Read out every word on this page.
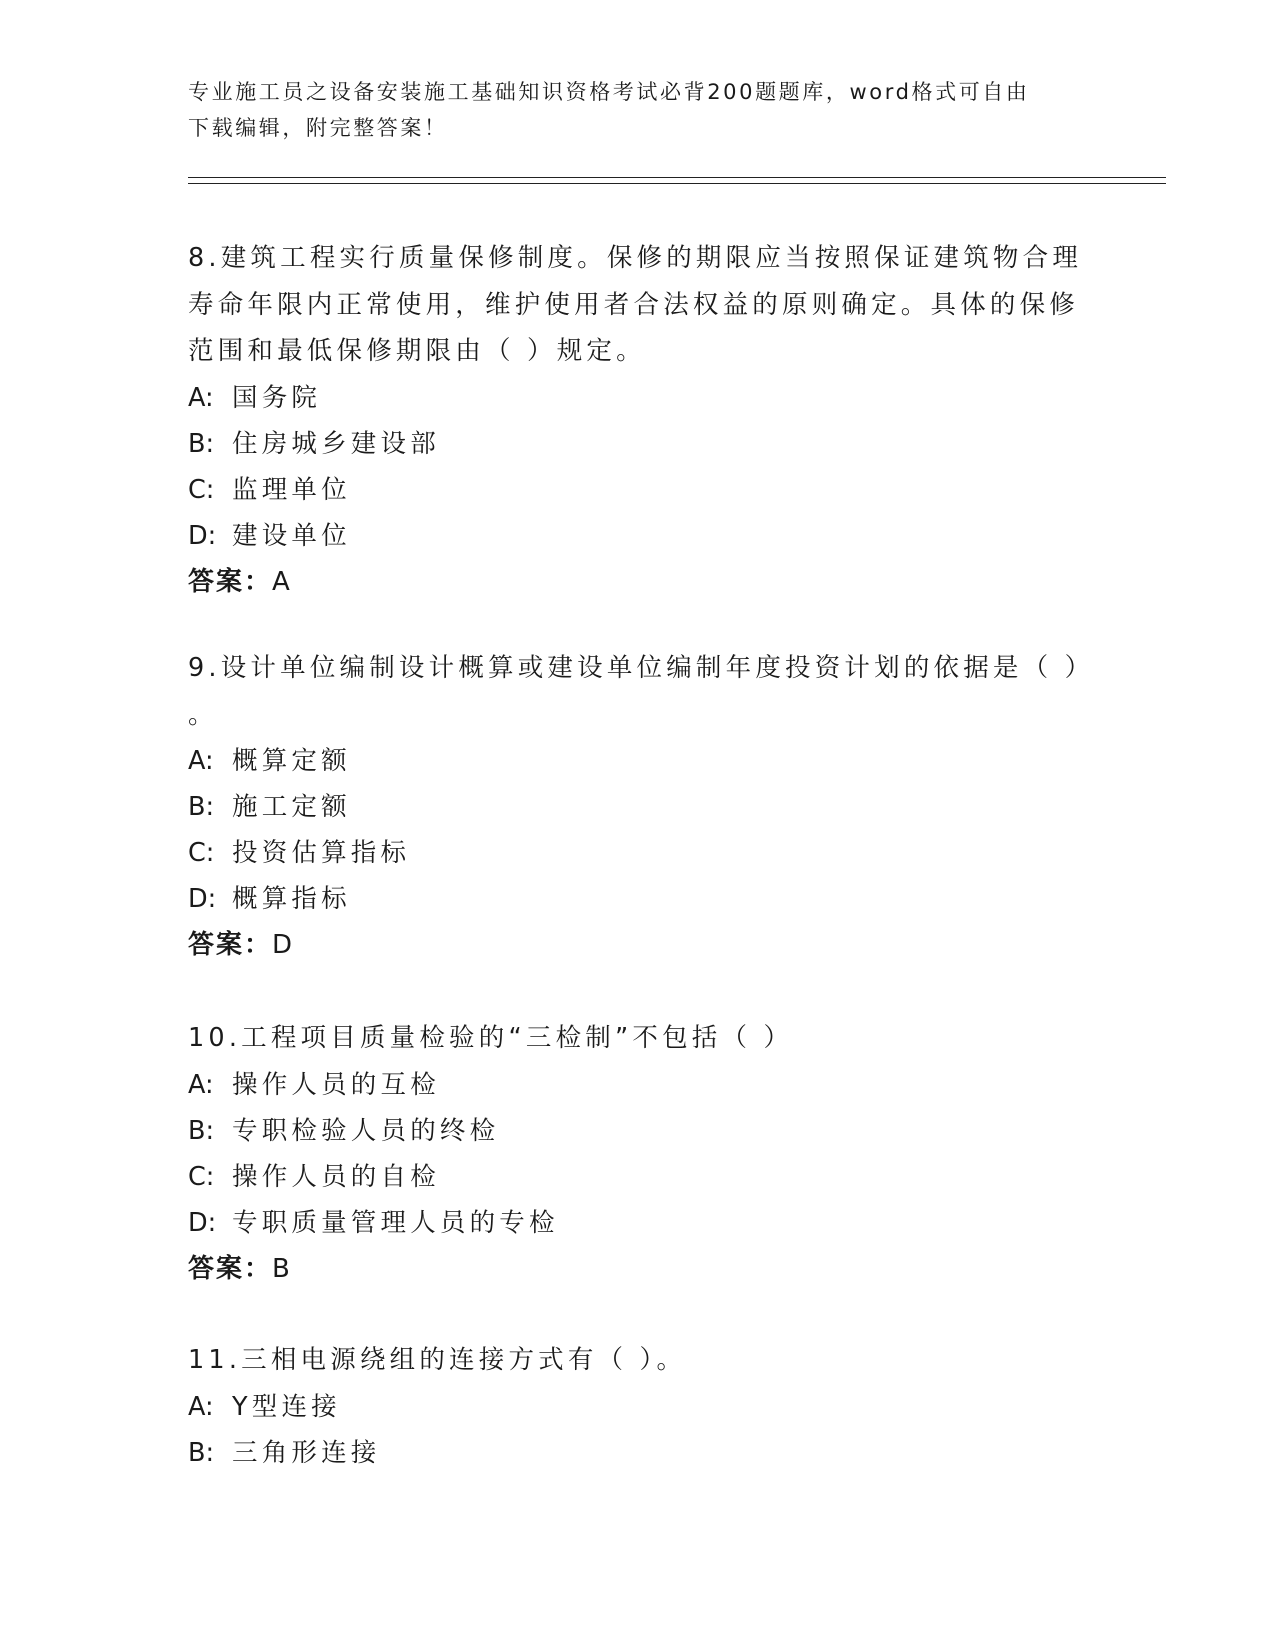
专业施工员之设备安装施工基础知识资格考试必背200题题库，word格式可自由
下载编辑，附完整答案！
8.建筑工程实行质量保修制度。保修的期限应当按照保证建筑物合理
寿命年限内正常使用，维护使用者合法权益的原则确定。具体的保修
范围和最低保修期限由（ ）规定。
A: 国务院
B: 住房城乡建设部
C: 监理单位
D: 建设单位
答案：A
9.设计单位编制设计概算或建设单位编制年度投资计划的依据是（ ）
。
A: 概算定额
B: 施工定额
C: 投资估算指标
D: 概算指标
答案：D
10.工程项目质量检验的“三检制”不包括（ ）
A: 操作人员的互检
B: 专职检验人员的终检
C: 操作人员的自检
D: 专职质量管理人员的专检
答案：B
11.三相电源绕组的连接方式有（ ）。
A: Y型连接
B: 三角形连接
